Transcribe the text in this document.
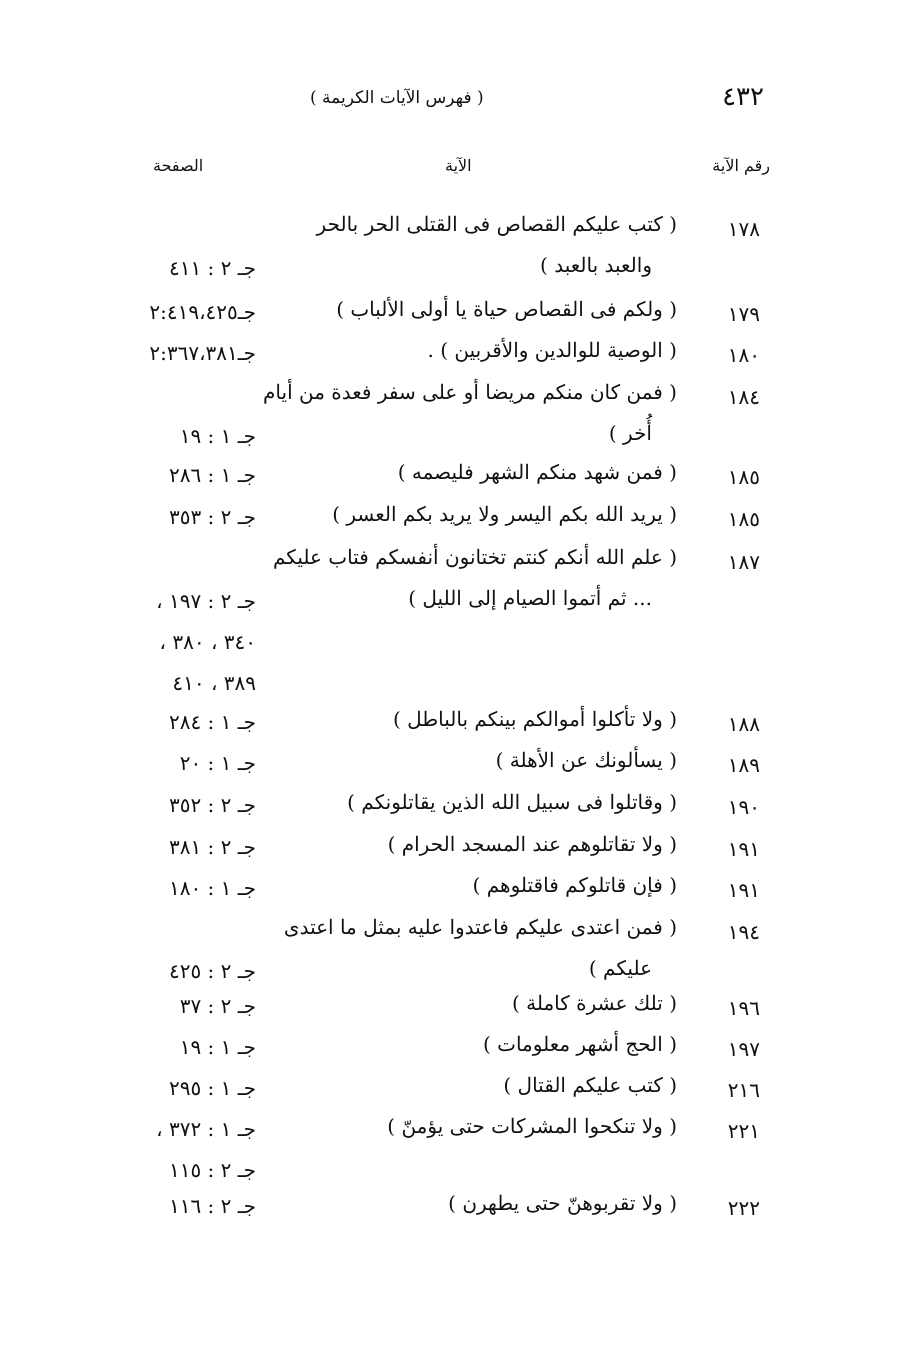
٤٣٢
( فهرس الآيات الكريمة )
رقم الآية
الآية
الصفحة
١٧٨
( كتب عليكم القصاص فى القتلى الحر بالحر
والعبد بالعبد )
جـ ٢ : ٤١١
١٧٩
( ولكم فى القصاص حياة يا أولى الألباب )
جـ٢:٤١٩،٤٢٥
١٨٠
( الوصية للوالدين والأقربين ) .
جـ٢:٣٦٧،٣٨١
١٨٤
( فمن كان منكم مريضا أو على سفر فعدة من أيام
أُخر )
جـ ١ : ١٩
١٨٥
( فمن شهد منكم الشهر فليصمه )
جـ ١ : ٢٨٦
١٨٥
( يريد الله بكم اليسر ولا يريد بكم العسر )
جـ ٢ : ٣٥٣
١٨٧
( علم الله أنكم كنتم تختانون أنفسكم فتاب عليكم
... ثم أتموا الصيام إلى الليل )
جـ ٢ : ١٩٧ ،
٣٤٠ ، ٣٨٠ ،
٣٨٩ ، ٤١٠
١٨٨
( ولا تأكلوا أموالكم بينكم بالباطل )
جـ ١ : ٢٨٤
١٨٩
( يسألونك عن الأهلة )
جـ ١ : ٢٠
١٩٠
( وقاتلوا فى سبيل الله الذين يقاتلونكم )
جـ ٢ : ٣٥٢
١٩١
( ولا تقاتلوهم عند المسجد الحرام )
جـ ٢ : ٣٨١
١٩١
( فإن قاتلوكم فاقتلوهم )
جـ ١ : ١٨٠
١٩٤
( فمن اعتدى عليكم فاعتدوا عليه بمثل ما اعتدى
عليكم )
جـ ٢ : ٤٢٥
١٩٦
( تلك عشرة كاملة )
جـ ٢ : ٣٧
١٩٧
( الحج أشهر معلومات )
جـ ١ : ١٩
٢١٦
( كتب عليكم القتال )
جـ ١ : ٢٩٥
٢٢١
( ولا تنكحوا المشركات حتى يؤمنّ )
جـ ١ : ٣٧٢ ،
جـ ٢ : ١١٥
٢٢٢
( ولا تقربوهنّ حتى يطهرن )
جـ ٢ : ١١٦
